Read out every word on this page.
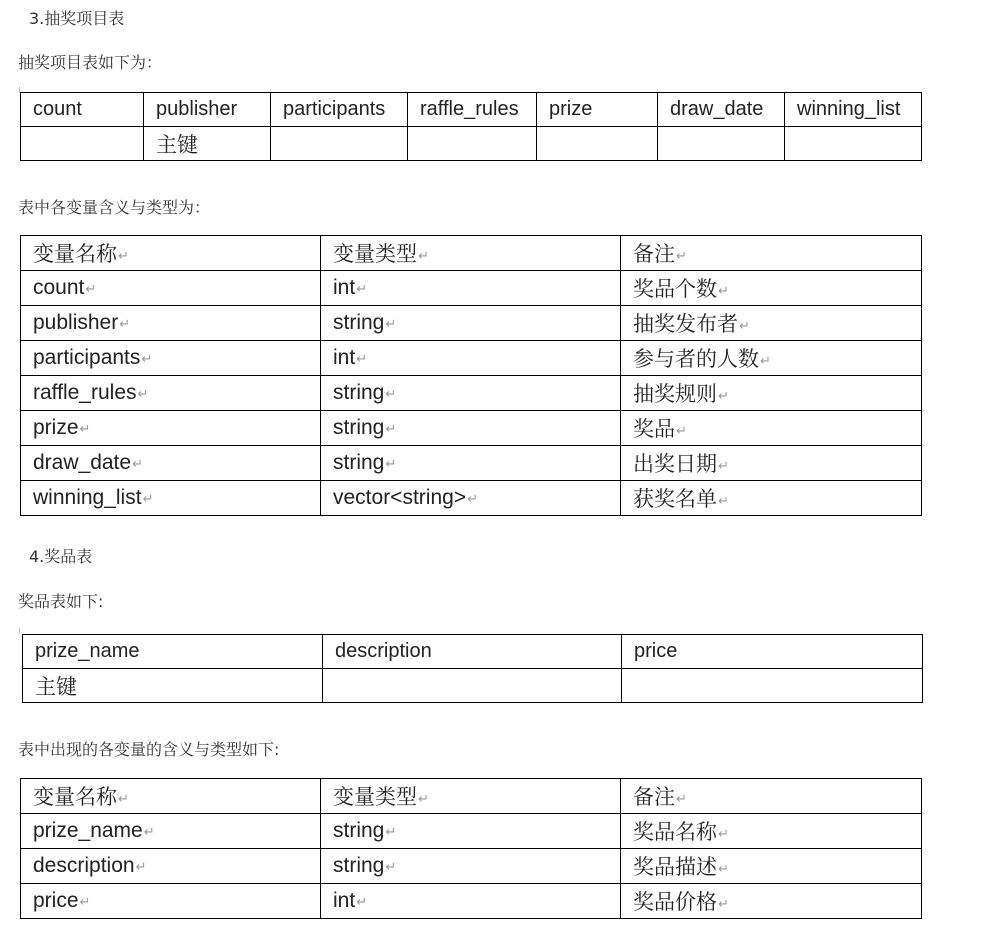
3.抽奖项目表
抽奖项目表如下为：
count	publisher	participants	raffle_rules	prize	draw_date	winning_list
	主键					
表中各变量含义与类型为：
变量名称↵	变量类型↵	备注↵
count↵	int↵	奖品个数↵
publisher↵	string↵	抽奖发布者↵
participants↵	int↵	参与者的人数↵
raffle_rules↵	string↵	抽奖规则↵
prize↵	string↵	奖品↵
draw_date↵	string↵	出奖日期↵
winning_list↵	vector<string>↵	获奖名单↵
4.奖品表
奖品表如下:
prize_name	description	price
主键		
表中出现的各变量的含义与类型如下:
变量名称↵	变量类型↵	备注↵
prize_name↵	string↵	奖品名称↵
description↵	string↵	奖品描述↵
price↵	int↵	奖品价格↵
